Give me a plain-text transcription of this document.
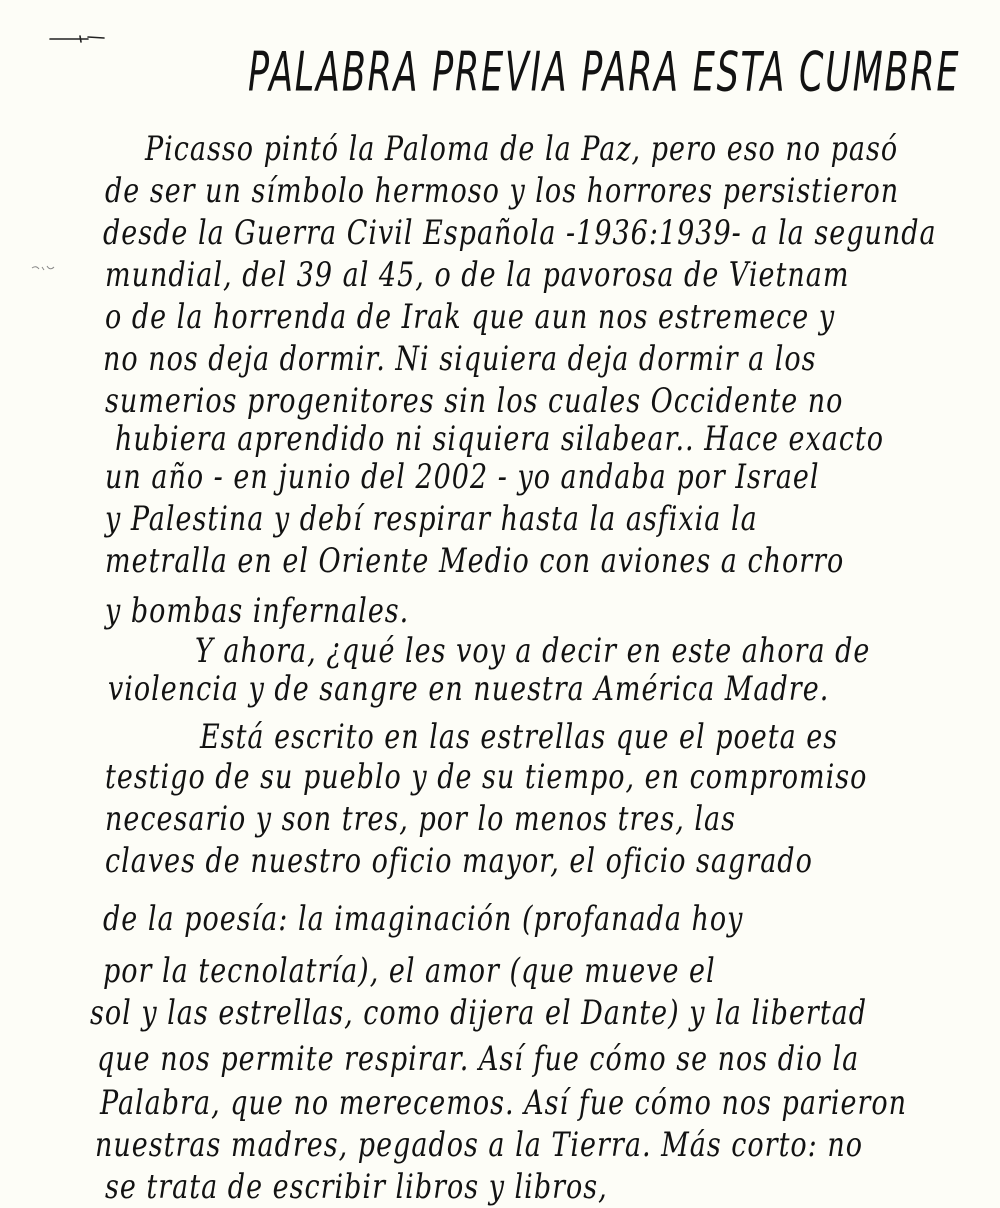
PALABRA PREVIA PARA ESTA CUMBRE
Picasso pintó la Paloma de la Paz, pero eso no pasó
de ser un símbolo hermoso y los horrores persistieron
desde la Guerra Civil Española -1936:1939- a la segunda
mundial, del 39 al 45, o de la pavorosa de Vietnam
o de la horrenda de Irak que aun nos estremece y
no nos deja dormir. Ni siquiera deja dormir a los
sumerios progenitores sin los cuales Occidente no
hubiera aprendido ni siquiera silabear.. Hace exacto
un año - en junio del 2002 - yo andaba por Israel
y Palestina y debí respirar hasta la asfixia la
metralla en el Oriente Medio con aviones a chorro
y bombas infernales.
Y ahora, ¿qué les voy a decir en este ahora de
violencia y de sangre en nuestra América Madre.
Está escrito en las estrellas que el poeta es
testigo de su pueblo y de su tiempo, en compromiso
necesario y son tres, por lo menos tres, las
claves de nuestro oficio mayor, el oficio sagrado
de la poesía: la imaginación (profanada hoy
por la tecnolatría), el amor (que mueve el
sol y las estrellas, como dijera el Dante) y la libertad
que nos permite respirar. Así fue cómo se nos dio la
Palabra, que no merecemos. Así fue cómo nos parieron
nuestras madres, pegados a la Tierra. Más corto: no
se trata de escribir libros y libros,
